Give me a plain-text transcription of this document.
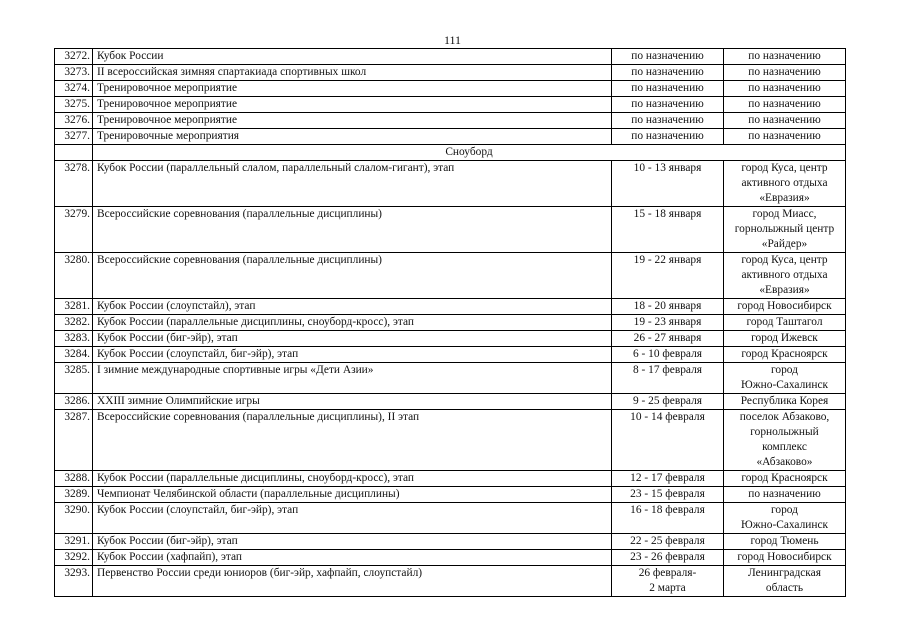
111
3272.	Кубок России	по назначению	по назначению
3273.	II всероссийская зимняя спартакиада спортивных школ	по назначению	по назначению
3274.	Тренировочное мероприятие	по назначению	по назначению
3275.	Тренировочное мероприятие	по назначению	по назначению
3276.	Тренировочное мероприятие	по назначению	по назначению
3277.	Тренировочные мероприятия	по назначению	по назначению
	Сноуборд		
3278.	Кубок России (параллельный слалом, параллельный слалом-гигант), этап	10 - 13 января	город Куса, центр
активного отдыха
«Евразия»
3279.	Всероссийские соревнования (параллельные дисциплины)	15 - 18 января	город Миасс,
горнолыжный центр
«Райдер»
3280.	Всероссийские соревнования (параллельные дисциплины)	19 - 22 января	город Куса, центр
активного отдыха
«Евразия»
3281.	Кубок России (слоупстайл), этап	18 - 20 января	город Новосибирск
3282.	Кубок России (параллельные дисциплины, сноуборд-кросс), этап	19 - 23 января	город Таштагол
3283.	Кубок России (биг-эйр), этап	26 - 27 января	город Ижевск
3284.	Кубок России (слоупстайл, биг-эйр), этап	6 - 10 февраля	город Красноярск
3285.	I зимние международные спортивные игры «Дети Азии»	8 - 17 февраля	город
Южно-Сахалинск
3286.	XXIII зимние Олимпийские игры	9 - 25 февраля	Республика Корея
3287.	Всероссийские соревнования (параллельные дисциплины), II этап	10 - 14 февраля	поселок Абзаково,
горнолыжный
комплекс
«Абзаково»
3288.	Кубок России (параллельные дисциплины, сноуборд-кросс), этап	12 - 17 февраля	город Красноярск
3289.	Чемпионат Челябинской области (параллельные дисциплины)	23 - 15 февраля	по назначению
3290.	Кубок России (слоупстайл, биг-эйр), этап	16 - 18 февраля	город
Южно-Сахалинск
3291.	Кубок России (биг-эйр), этап	22 - 25 февраля	город Тюмень
3292.	Кубок России (хафпайп), этап	23 - 26 февраля	город Новосибирск
3293.	Первенство России среди юниоров (биг-эйр, хафпайп, слоупстайл)	26 февраля-
2 марта	Ленинградская
область
